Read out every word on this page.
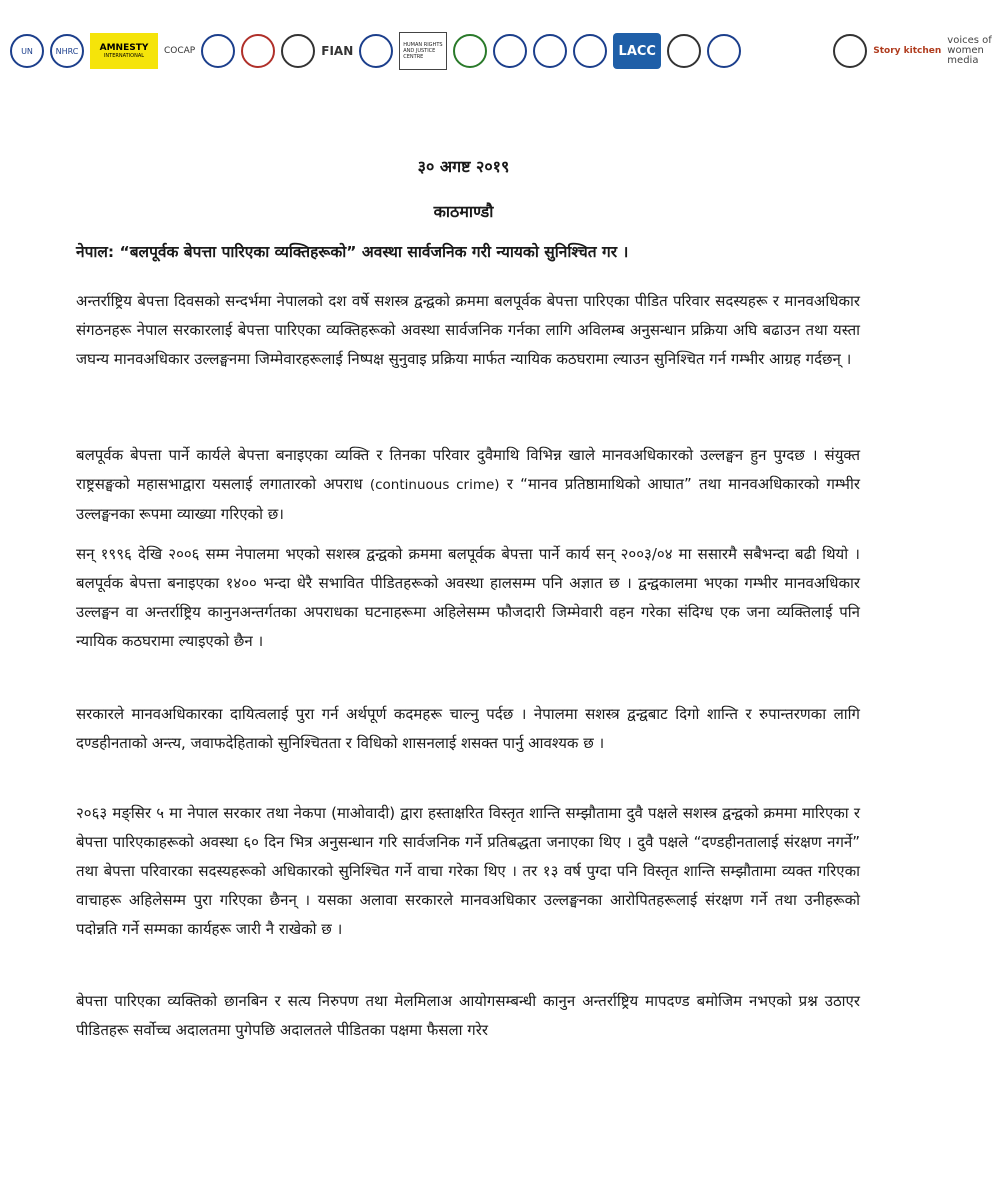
UN	NHRC AMNESTY
INTERNATIONAL
COCAP	FIAN	HUMAN RIGHTS AND JUSTICE CENTRE	LACC	Story kitchen
voices of women media
३० अगष्ट २०१९
काठमाण्डौ
नेपाल: “बलपूर्वक बेपत्ता पारिएका व्यक्तिहरूको” अवस्था सार्वजनिक गरी न्यायको सुनिश्चित गर ।

अन्तर्राष्ट्रिय बेपत्ता दिवसको सन्दर्भमा नेपालको दश वर्षे सशस्त्र द्वन्द्वको क्रममा बलपूर्वक बेपत्ता पारिएका पीडित परिवार सदस्यहरू र मानवअधिकार संगठनहरू नेपाल सरकारलाई बेपत्ता पारिएका व्यक्तिहरूको अवस्था सार्वजनिक गर्नका लागि अविलम्ब अनुसन्धान प्रक्रिया अघि बढाउन तथा यस्ता जघन्य मानवअधिकार उल्लङ्घनमा जिम्मेवारहरूलाई निष्पक्ष सुनुवाइ प्रक्रिया मार्फत न्यायिक कठघरामा ल्याउन सुनिश्चित गर्न गम्भीर आग्रह गर्दछन् ।

बलपूर्वक बेपत्ता पार्ने कार्यले बेपत्ता बनाइएका व्यक्ति र तिनका परिवार दुवैमाथि विभिन्न खाले मानवअधिकारको उल्लङ्घन हुन पुग्दछ । संयुक्त राष्ट्रसङ्घको महासभाद्वारा यसलाई लगातारको अपराध (continuous crime) र “मानव प्रतिष्ठामाथिको आघात” तथा मानवअधिकारको गम्भीर उल्लङ्घनका रूपमा व्याख्या गरिएको छ।

सन् १९९६ देखि २००६ सम्म नेपालमा भएको सशस्त्र द्वन्द्वको क्रममा बलपूर्वक बेपत्ता पार्ने कार्य सन् २००३/०४ मा ससारमै सबैभन्दा बढी थियो । बलपूर्वक बेपत्ता बनाइएका १४०० भन्दा धेरै सभावित पीडितहरूको अवस्था हालसम्म पनि अज्ञात छ । द्वन्द्वकालमा भएका गम्भीर मानवअधिकार उल्लङ्घन वा अन्तर्राष्ट्रिय कानुनअन्तर्गतका अपराधका घटनाहरूमा अहिलेसम्म फौजदारी जिम्मेवारी वहन गरेका संदिग्ध एक जना व्यक्तिलाई पनि न्यायिक कठघरामा ल्याइएको छैन ।

सरकारले मानवअधिकारका दायित्वलाई पुरा गर्न अर्थपूर्ण कदमहरू चाल्नु पर्दछ । नेपालमा सशस्त्र द्वन्द्वबाट दिगो शान्ति र रुपान्तरणका लागि दण्डहीनताको अन्त्य, जवाफदेहिताको सुनिश्चितता र विधिको शासनलाई शसक्त पार्नु आवश्यक छ ।

२०६३ मङ्सिर ५ मा नेपाल सरकार तथा नेकपा (माओवादी) द्वारा हस्ताक्षरित विस्तृत शान्ति सम्झौतामा दुवै पक्षले सशस्त्र द्वन्द्वको क्रममा मारिएका र बेपत्ता पारिएकाहरूको अवस्था ६० दिन भित्र अनुसन्धान गरि सार्वजनिक गर्ने प्रतिबद्धता जनाएका थिए । दुवै पक्षले “दण्डहीनतालाई संरक्षण नगर्ने” तथा बेपत्ता परिवारका सदस्यहरूको अधिकारको सुनिश्चित गर्ने वाचा गरेका थिए । तर १३ वर्ष पुग्दा पनि विस्तृत शान्ति सम्झौतामा व्यक्त गरिएका वाचाहरू अहिलेसम्म पुरा गरिएका छैनन् । यसका अलावा सरकारले मानवअधिकार उल्लङ्घनका आरोपितहरूलाई संरक्षण गर्ने तथा उनीहरूको पदोन्नति गर्ने सम्मका कार्यहरू जारी नै राखेको छ ।

बेपत्ता पारिएका व्यक्तिको छानबिन र सत्य निरुपण तथा मेलमिलाअ आयोगसम्बन्धी कानुन अन्तर्राष्ट्रिय मापदण्ड बमोजिम नभएको प्रश्न उठाएर पीडितहरू सर्वोच्च अदालतमा पुगेपछि अदालतले पीडितका पक्षमा फैसला गरेर
